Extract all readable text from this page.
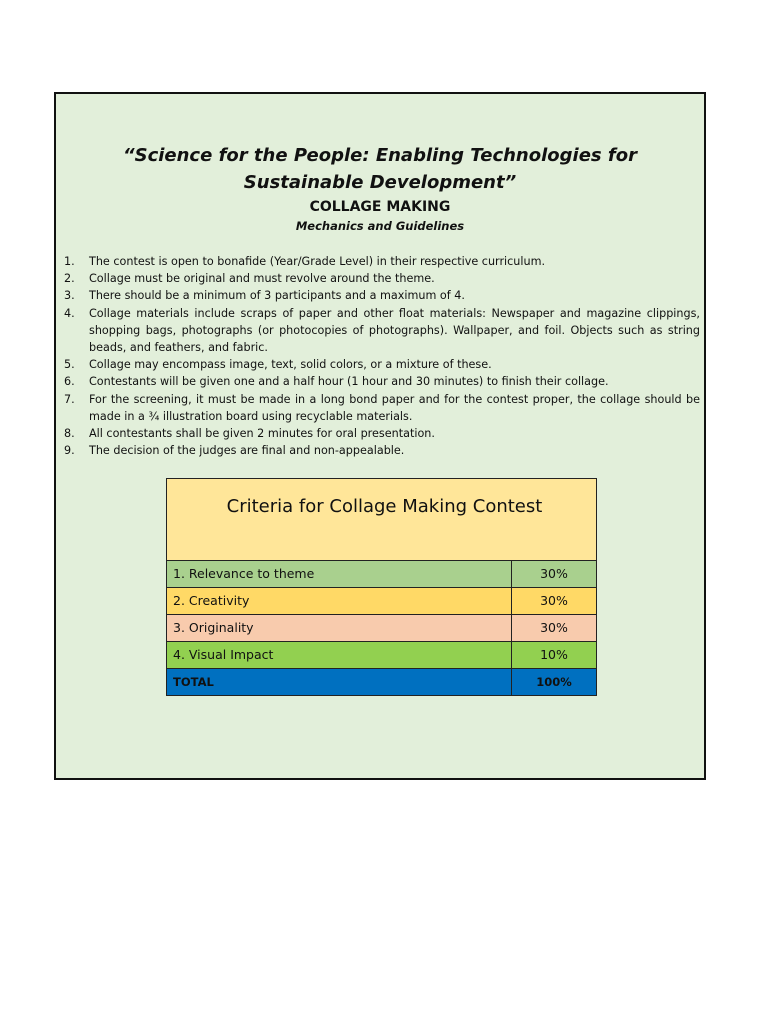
“Science for the People: Enabling Technologies for
Sustainable Development”
COLLAGE MAKING
Mechanics and Guidelines
1. The contest is open to bonafide (Year/Grade Level) in their respective curriculum.
2. Collage must be original and must revolve around the theme.
3. There should be a minimum of 3 participants and a maximum of 4.
4. Collage materials include scraps of paper and other float materials: Newspaper and magazine clippings, shopping bags, photographs (or photocopies of photographs). Wallpaper, and foil. Objects such as string beads, and feathers, and fabric.
5. Collage may encompass image, text, solid colors, or a mixture of these.
6. Contestants will be given one and a half hour (1 hour and 30 minutes) to finish their collage.
7. For the screening, it must be made in a long bond paper and for the contest proper, the collage should be made in a ¾ illustration board using recyclable materials.
8. All contestants shall be given 2 minutes for oral presentation.
9. The decision of the judges are final and non-appealable.
Criteria for Collage Making Contest	
1. Relevance to theme	30%
2. Creativity	30%
3. Originality	30%
4. Visual Impact	10%
TOTAL	100%
